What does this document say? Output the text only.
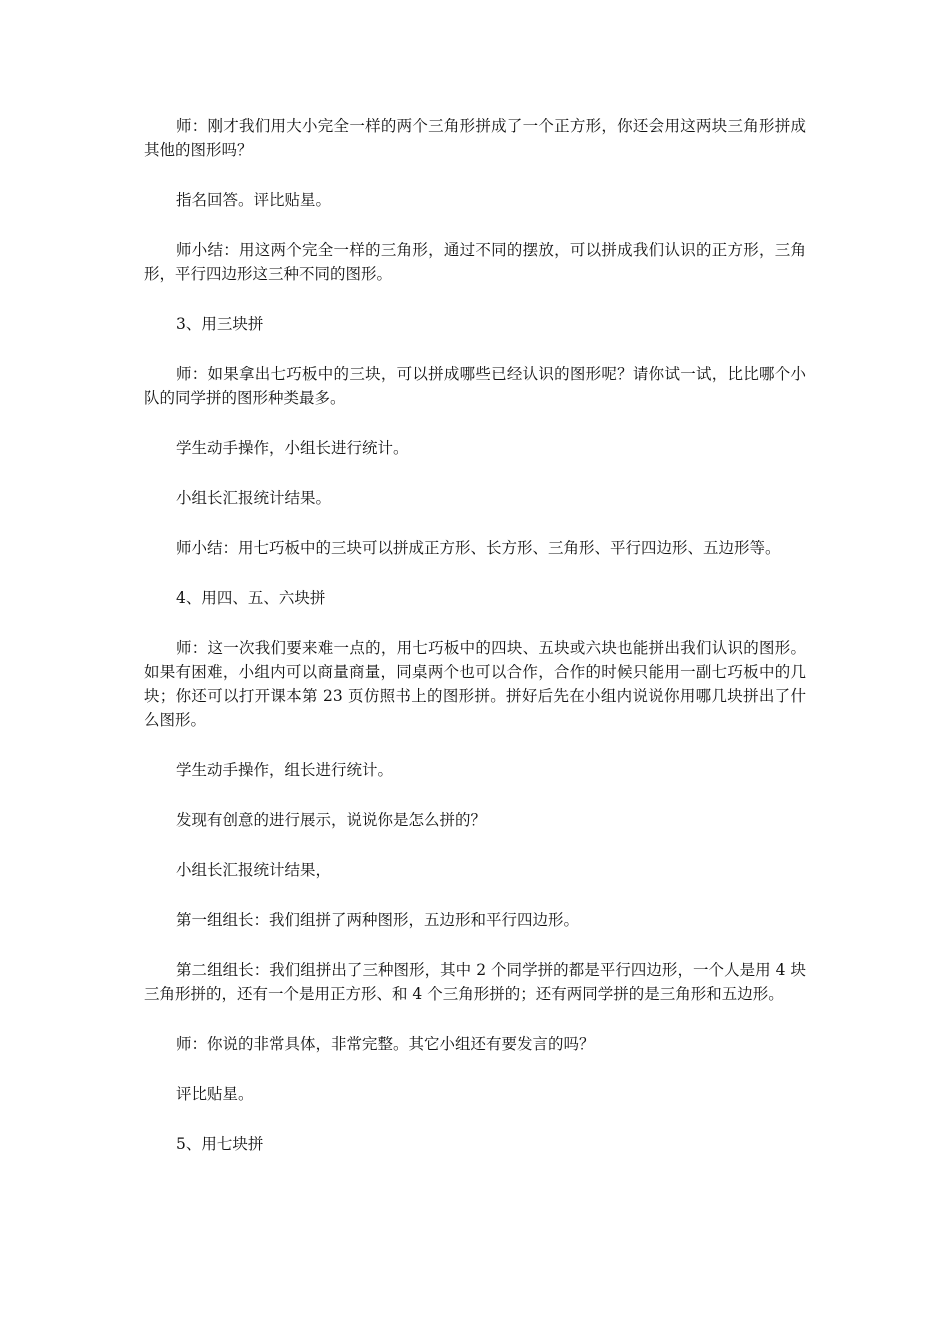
师：刚才我们用大小完全一样的两个三角形拼成了一个正方形，你还会用这两块三角形拼成其他的图形吗？

指名回答。评比贴星。

师小结：用这两个完全一样的三角形，通过不同的摆放，可以拼成我们认识的正方形，三角形，平行四边形这三种不同的图形。

3、用三块拼

师：如果拿出七巧板中的三块，可以拼成哪些已经认识的图形呢？请你试一试，比比哪个小队的同学拼的图形种类最多。

学生动手操作，小组长进行统计。

小组长汇报统计结果。

师小结：用七巧板中的三块可以拼成正方形、长方形、三角形、平行四边形、五边形等。

4、用四、五、六块拼

师：这一次我们要来难一点的，用七巧板中的四块、五块或六块也能拼出我们认识的图形。如果有困难，小组内可以商量商量，同桌两个也可以合作，合作的时候只能用一副七巧板中的几块；你还可以打开课本第 23 页仿照书上的图形拼。拼好后先在小组内说说你用哪几块拼出了什么图形。

学生动手操作，组长进行统计。

发现有创意的进行展示，说说你是怎么拼的？

小组长汇报统计结果，

第一组组长：我们组拼了两种图形，五边形和平行四边形。

第二组组长：我们组拼出了三种图形，其中 2 个同学拼的都是平行四边形，一个人是用 4 块三角形拼的，还有一个是用正方形、和 4 个三角形拼的；还有两同学拼的是三角形和五边形。

师：你说的非常具体，非常完整。其它小组还有要发言的吗？

评比贴星。

5、用七块拼
